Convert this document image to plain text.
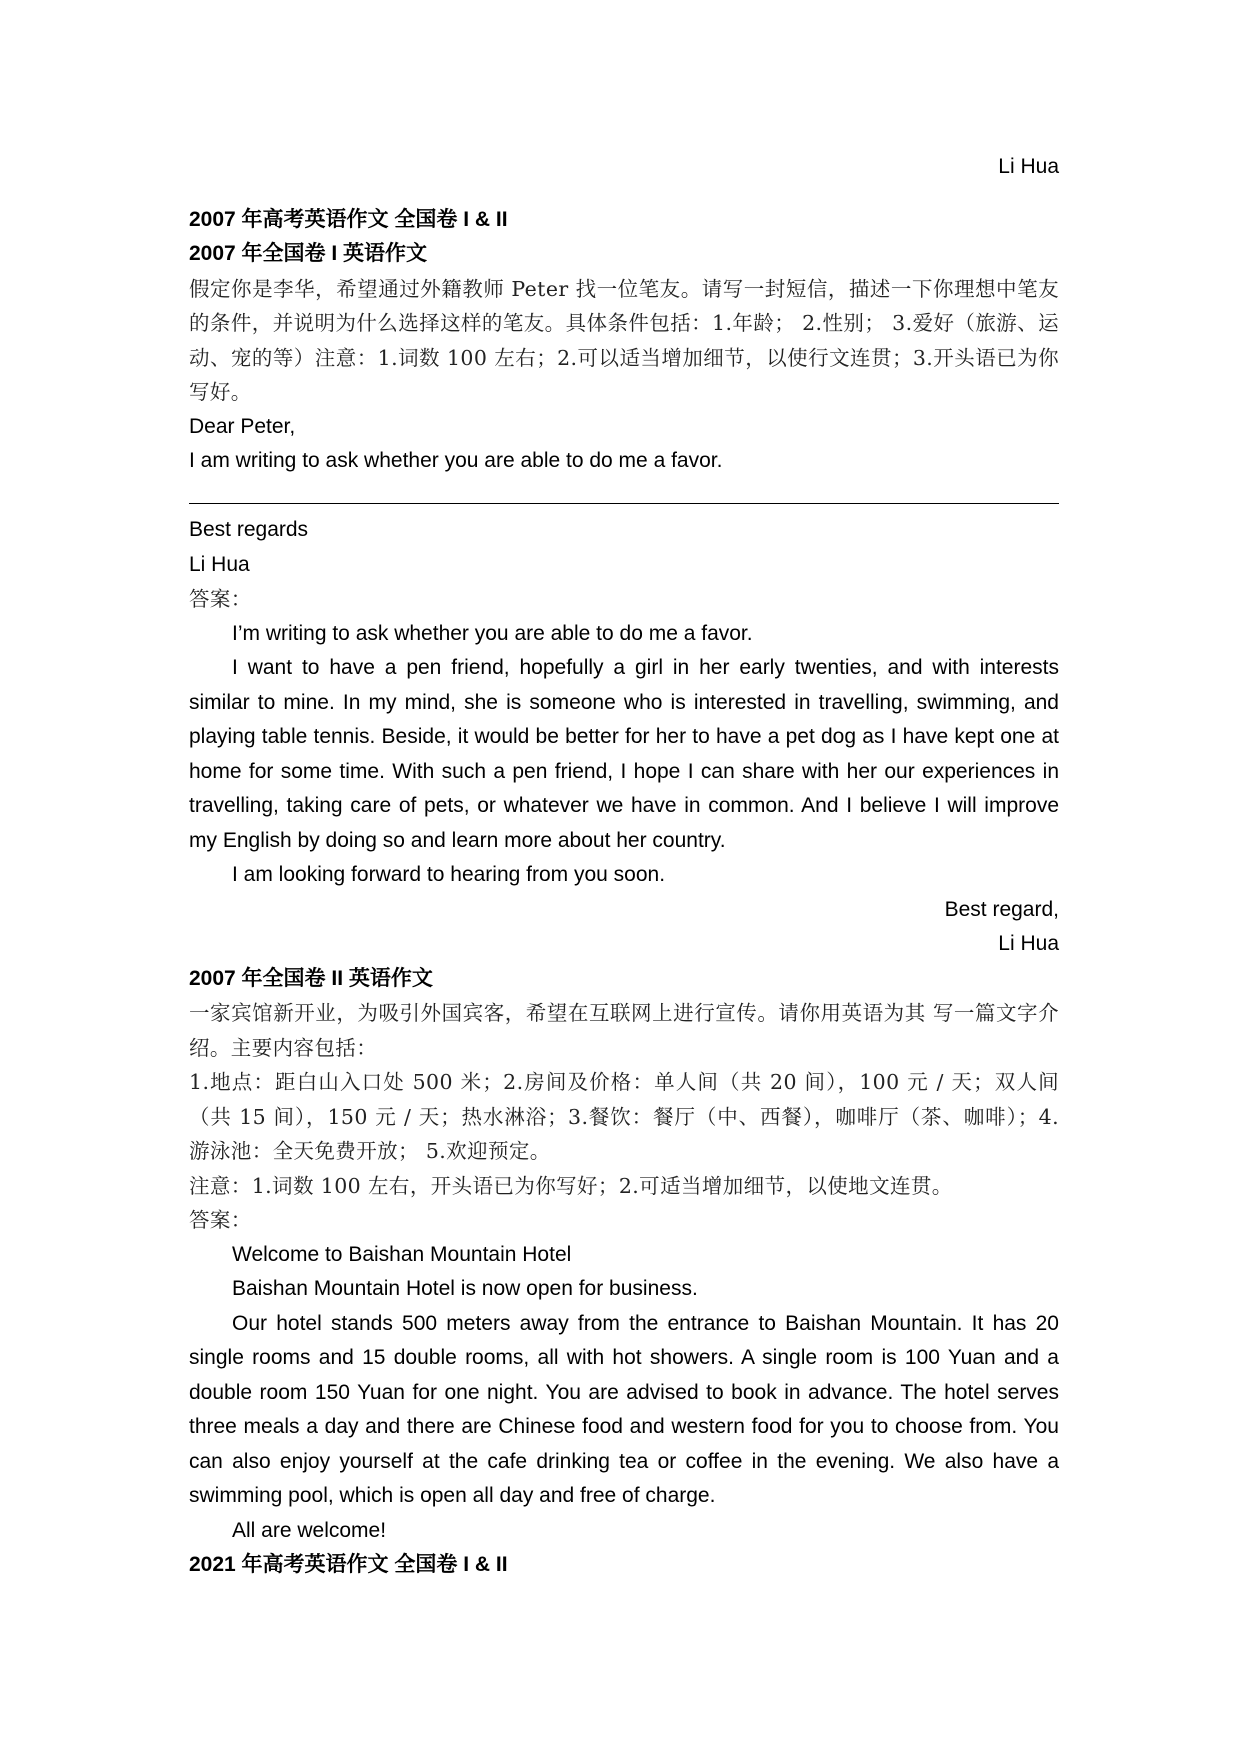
Li Hua
2007 年高考英语作文 全国卷 I & II
2007 年全国卷 I 英语作文
假定你是李华，希望通过外籍教师 Peter 找一位笔友。请写一封短信，描述一下你理想中笔友的条件，并说明为什么选择这样的笔友。具体条件包括：1.年龄； 2.性别； 3.爱好（旅游、运动、宠的等）注意：1.词数 100 左右；2.可以适当增加细节，以使行文连贯；3.开头语已为你写好。
Dear Peter,
I am writing to ask whether you are able to do me a favor.
Best regards
Li Hua
答案：
I’m writing to ask whether you are able to do me a favor.
I want to have a pen friend, hopefully a girl in her early twenties, and with interests similar to mine. In my mind, she is someone who is interested in travelling, swimming, and playing table tennis. Beside, it would be better for her to have a pet dog as I have kept one at home for some time. With such a pen friend, I hope I can share with her our experiences in travelling, taking care of pets, or whatever we have in common. And I believe I will improve my English by doing so and learn more about her country.
I am looking forward to hearing from you soon.
Best regard,
Li Hua
2007 年全国卷 II 英语作文
一家宾馆新开业，为吸引外国宾客，希望在互联网上进行宣传。请你用英语为其 写一篇文字介绍。主要内容包括：
1.地点：距白山入口处 500 米；2.房间及价格：单人间（共 20 间），100 元 / 天；双人间（共 15 间），150 元 / 天；热水淋浴；3.餐饮：餐厅（中、西餐），咖啡厅（茶、咖啡）；4.游泳池：全天免费开放； 5.欢迎预定。
注意：1.词数 100 左右，开头语已为你写好；2.可适当增加细节，以使地文连贯。
答案：
Welcome to Baishan Mountain Hotel
Baishan Mountain Hotel is now open for business.
Our hotel stands 500 meters away from the entrance to Baishan Mountain. It has 20 single rooms and 15 double rooms, all with hot showers. A single room is 100 Yuan and a double room 150 Yuan for one night. You are advised to book in advance. The hotel serves three meals a day and there are Chinese food and western food for you to choose from. You can also enjoy yourself at the cafe drinking tea or coffee in the evening. We also have a swimming pool, which is open all day and free of charge.
All are welcome!
2021 年高考英语作文 全国卷 I & II
